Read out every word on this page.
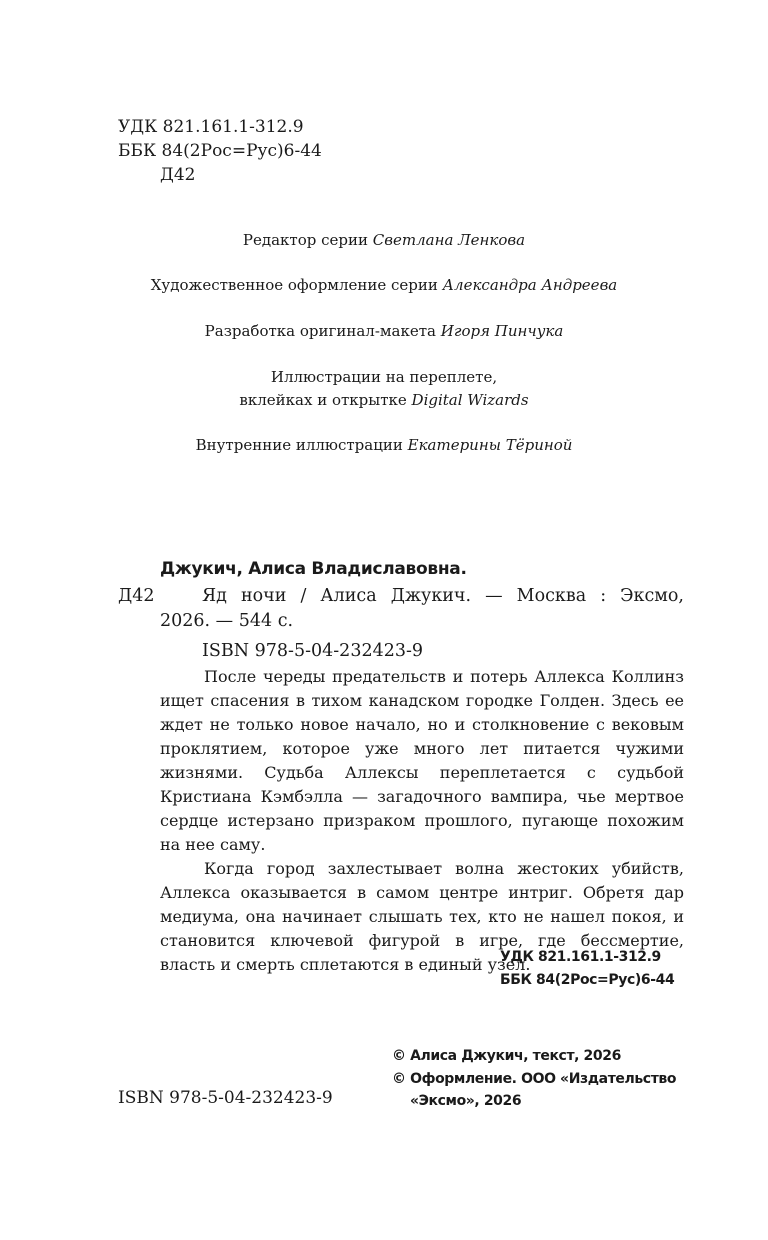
УДК 821.161.1-312.9
ББК 84(2Рос=Рус)6-44
Д42

Редактор серии Светлана Ленкова

Художественное оформление серии Александра Андреева

Разработка оригинал-макета Игоря Пинчука

Иллюстрации на переплете,

вклейках и открытке Digital Wizards

Внутренние иллюстрации Екатерины Тёриной

Джукич, Алиса Владиславовна.
Д42	Яд ночи / Алиса Джукич. — Москва : Эксмо,
2026. — 544 с.
ISBN 978-5-04-232423-9

После череды предательств и потерь Аллекса Коллинз ищет спасения в тихом канадском городке Голден. Здесь ее ждет не только новое начало, но и столкновение с вековым проклятием, которое уже много лет питается чужими жизнями. Судьба Аллексы переплетается с судьбой Кристиана Кэмбэлла — загадочного вампира, чье мертвое сердце истерзано призраком прошлого, пугающе похожим на нее саму.

Когда город захлестывает волна жестоких убийств, Аллекса оказывается в самом центре интриг. Обретя дар медиума, она начинает слышать тех, кто не нашел покоя, и становится ключевой фигурой в игре, где бессмертие, власть и смерть сплетаются в единый узел.

УДК 821.161.1-312.9
ББК 84(2Рос=Рус)6-44
© Алиса Джукич, текст, 2026
© Оформление. ООО «Издательство
«Эксмо», 2026
ISBN 978-5-04-232423-9
